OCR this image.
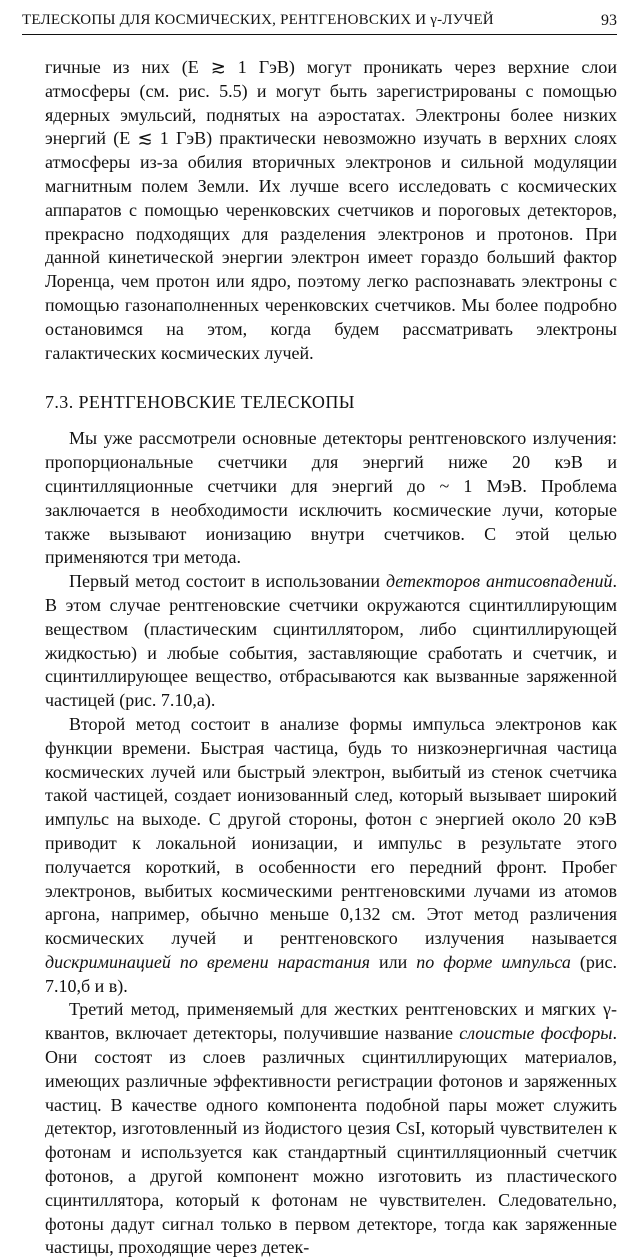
ТЕЛЕСКОПЫ ДЛЯ КОСМИЧЕСКИХ, РЕНТГЕНОВСКИХ И γ-ЛУЧЕЙ	93

гичные из них (E ≳ 1 ГэВ) могут проникать через верхние слои атмосферы (см. рис. 5.5) и могут быть зарегистрированы с помощью ядерных эмульсий, поднятых на аэростатах. Электроны более низких энергий (E ≲ 1 ГэВ) практически невозможно изучать в верхних слоях атмосферы из-за обилия вторичных электронов и сильной модуляции магнитным полем Земли. Их лучше всего исследовать с космических аппаратов с помощью черенковских счетчиков и пороговых детекторов, прекрасно подходящих для разделения электронов и протонов. При данной кинетической энергии электрон имеет гораздо больший фактор Лоренца, чем протон или ядро, поэтому легко распознавать электроны с помощью газонаполненных черенковских счетчиков. Мы более подробно остановимся на этом, когда будем рассматривать электроны галактических космических лучей.

7.3. РЕНТГЕНОВСКИЕ ТЕЛЕСКОПЫ

Мы уже рассмотрели основные детекторы рентгеновского излучения: пропорциональные счетчики для энергий ниже 20 кэВ и сцинтилляционные счетчики для энергий до ~ 1 МэВ. Проблема заключается в необходимости исключить космические лучи, которые также вызывают ионизацию внутри счетчиков. С этой целью применяются три метода.

Первый метод состоит в использовании детекторов антисовпадений. В этом случае рентгеновские счетчики окружаются сцинтиллирующим веществом (пластическим сцинтиллятором, либо сцинтиллирующей жидкостью) и любые события, заставляющие сработать и счетчик, и сцинтиллирующее вещество, отбрасываются как вызванные заряженной частицей (рис. 7.10,а).

Второй метод состоит в анализе формы импульса электронов как функции времени. Быстрая частица, будь то низкоэнергичная частица космических лучей или быстрый электрон, выбитый из стенок счетчика такой частицей, создает ионизованный след, который вызывает широкий импульс на выходе. С другой стороны, фотон с энергией около 20 кэВ приводит к локальной ионизации, и импульс в результате этого получается короткий, в особенности его передний фронт. Пробег электронов, выбитых космическими рентгеновскими лучами из атомов аргона, например, обычно меньше 0,132 см. Этот метод различения космических лучей и рентгеновского излучения называется дискриминацией по времени нарастания или по форме импульса (рис. 7.10,б и в).

Третий метод, применяемый для жестких рентгеновских и мягких γ-квантов, включает детекторы, получившие название слоистые фосфоры. Они состоят из слоев различных сцинтиллирующих материалов, имеющих различные эффективности регистрации фотонов и заряженных частиц. В качестве одного компонента подобной пары может служить детектор, изготовленный из йодистого цезия CsI, который чувствителен к фотонам и используется как стандартный сцинтилляционный счетчик фотонов, а другой компонент можно изготовить из пластического сцинтиллятора, который к фотонам не чувствителен. Следовательно, фотоны дадут сигнал только в первом детекторе, тогда как заряженные частицы, проходящие через детек-
